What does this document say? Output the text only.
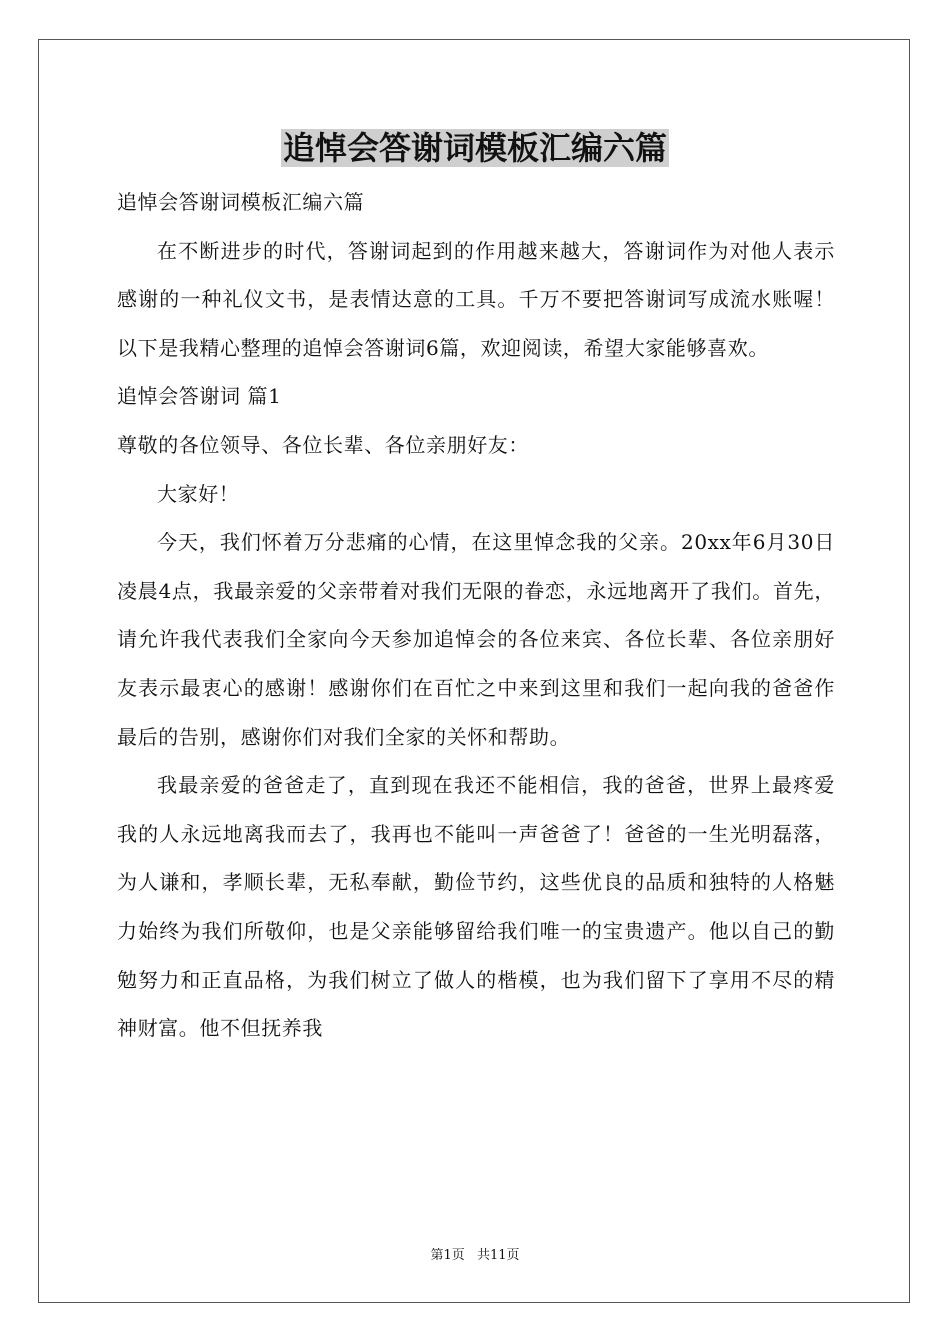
追悼会答谢词模板汇编六篇

追悼会答谢词模板汇编六篇

在不断进步的时代，答谢词起到的作用越来越大，答谢词作为对他人表示感谢的一种礼仪文书，是表情达意的工具。千万不要把答谢词写成流水账喔！以下是我精心整理的追悼会答谢词6篇，欢迎阅读，希望大家能够喜欢。

追悼会答谢词 篇1

尊敬的各位领导、各位长辈、各位亲朋好友：

大家好！

今天，我们怀着万分悲痛的心情，在这里悼念我的父亲。20xx年6月30日凌晨4点，我最亲爱的父亲带着对我们无限的眷恋，永远地离开了我们。首先，请允许我代表我们全家向今天参加追悼会的各位来宾、各位长辈、各位亲朋好友表示最衷心的感谢！感谢你们在百忙之中来到这里和我们一起向我的爸爸作最后的告别，感谢你们对我们全家的关怀和帮助。

我最亲爱的爸爸走了，直到现在我还不能相信，我的爸爸，世界上最疼爱我的人永远地离我而去了，我再也不能叫一声爸爸了！爸爸的一生光明磊落，为人谦和，孝顺长辈，无私奉献，勤俭节约，这些优良的品质和独特的人格魅力始终为我们所敬仰，也是父亲能够留给我们唯一的宝贵遗产。他以自己的勤勉努力和正直品格，为我们树立了做人的楷模，也为我们留下了享用不尽的精神财富。他不但抚养我

第1页 共11页
